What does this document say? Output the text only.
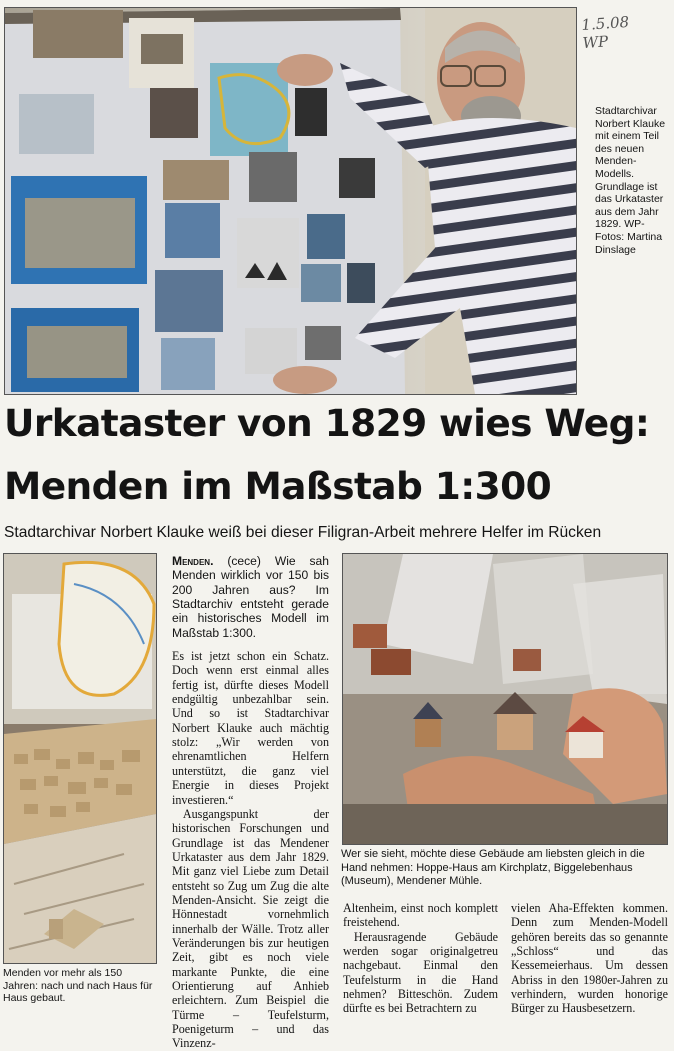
1.5.08 WP
Stadtarchivar Norbert Klauke mit einem Teil des neuen Menden-Modells. Grundlage ist das Urkataster aus dem Jahr 1829. WP-Fotos: Martina Dinslage
Urkataster von 1829 wies Weg:
Menden im Maßstab 1:300
Stadtarchivar Norbert Klauke weiß bei dieser Filigran-Arbeit mehrere Helfer im Rücken
Menden vor mehr als 150 Jahren: nach und nach Haus für Haus gebaut.

Menden. (cece) Wie sah Menden wirklich vor 150 bis 200 Jahren aus? Im Stadtarchiv entsteht gerade ein historisches Modell im Maßstab 1:300.

Es ist jetzt schon ein Schatz. Doch wenn erst einmal alles fertig ist, dürfte dieses Modell endgültig unbezahlbar sein. Und so ist Stadtarchivar Norbert Klauke auch mächtig stolz: „Wir werden von ehrenamtlichen Helfern unterstützt, die ganz viel Energie in dieses Projekt investieren.“

Ausgangspunkt der historischen Forschungen und Grundlage ist das Mendener Urkataster aus dem Jahr 1829. Mit ganz viel Liebe zum Detail entsteht so Zug um Zug die alte Menden-Ansicht. Sie zeigt die Hönnestadt vornehmlich innerhalb der Wälle. Trotz aller Veränderungen bis zur heutigen Zeit, gibt es noch viele markante Punkte, die eine Orientierung auf Anhieb erleichtern. Zum Beispiel die Türme – Teufelsturm, Poenigeturm – und das Vinzenz-

Wer sie sieht, möchte diese Gebäude am liebsten gleich in die Hand nehmen: Hoppe-Haus am Kirchplatz, Biggelebenhaus (Museum), Mendener Mühle.

Altenheim, einst noch komplett freistehend.

Herausragende Gebäude werden sogar originalgetreu nachgebaut. Einmal den Teufelsturm in die Hand nehmen? Bitteschön. Zudem dürfte es bei Betrachtern zu

vielen Aha-Effekten kommen. Denn zum Menden-Modell gehören bereits das so genannte „Schloss“ und das Kessemeierhaus. Um dessen Abriss in den 1980er-Jahren zu verhindern, wurden honorige Bürger zu Hausbesetzern.
